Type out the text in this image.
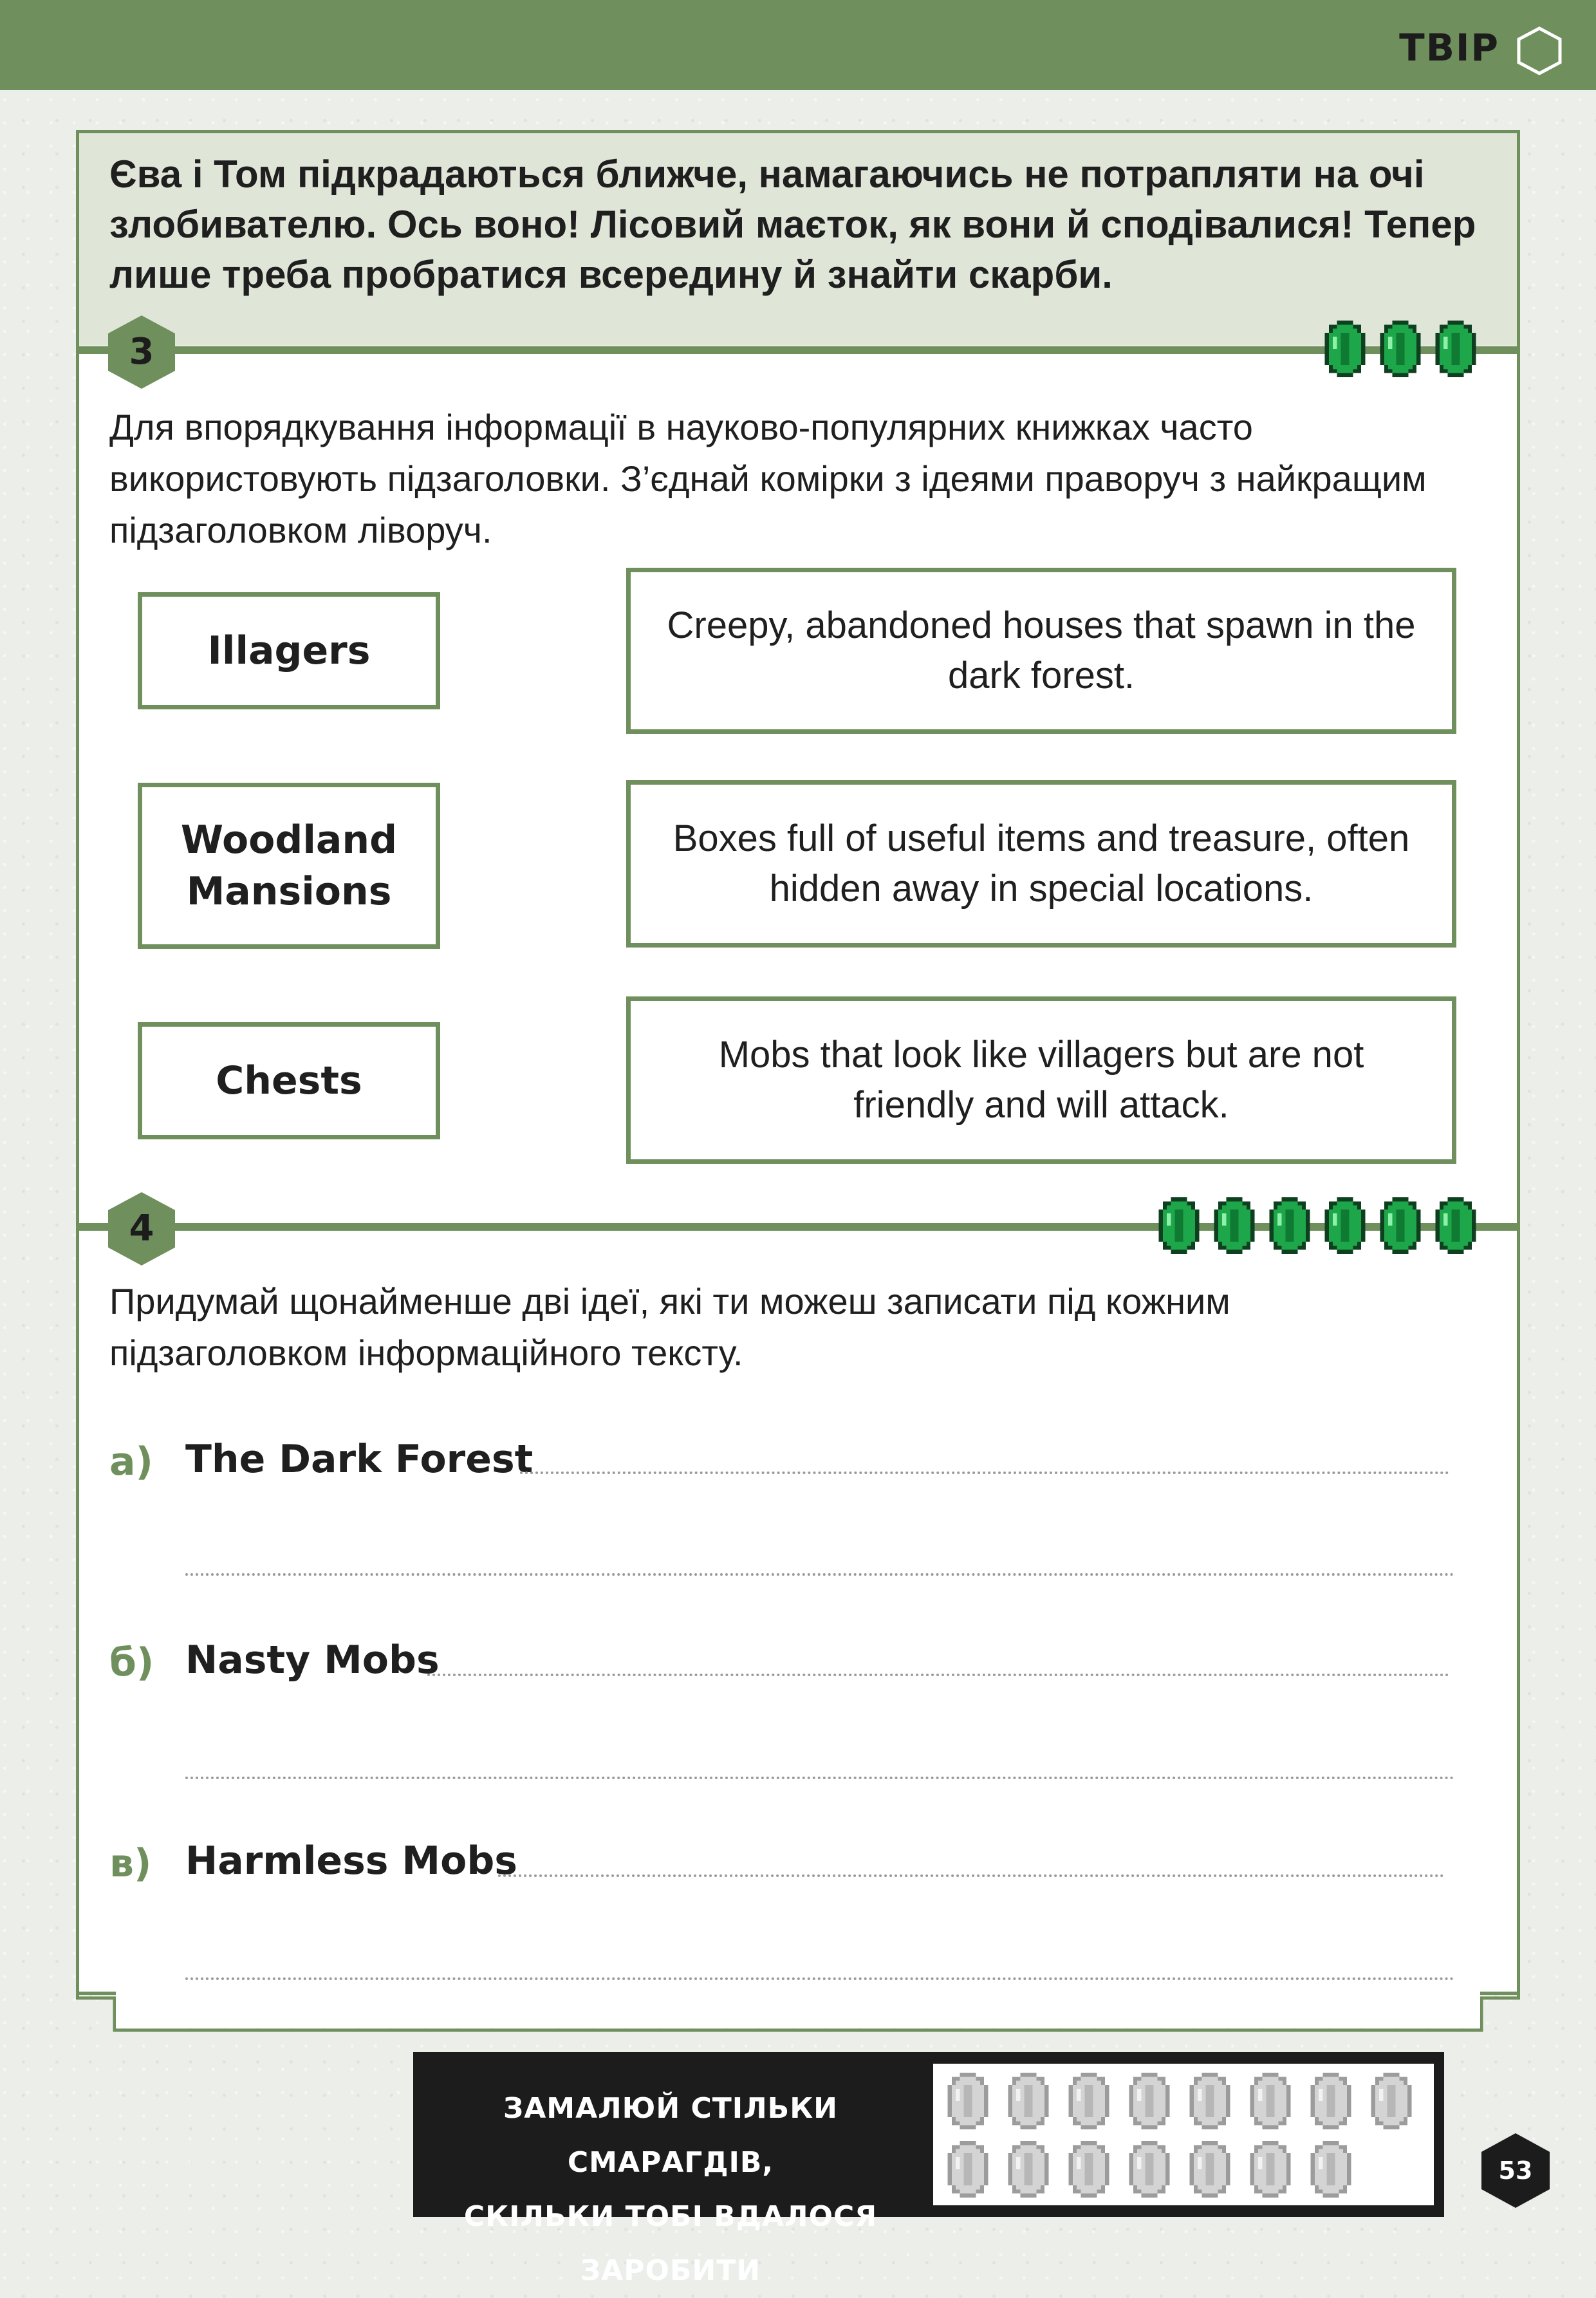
ТВІР

Єва і Том підкрадаються ближче, намагаючись не потрапляти на очі злобивателю. Ось воно! Лісовий маєток, як вони й сподівалися! Тепер лише треба пробратися всередину й знайти скарби.

3

Для впорядкування інформації в науково-популярних книжках часто використовують підзаголовки. З’єднай комірки з ідеями праворуч з найкращим підзаголовком ліворуч.

Illagers
Woodland Mansions
Chests
Creepy, abandoned houses that spawn in the dark forest.
Boxes full of useful items and treasure, often hidden away in special locations.
Mobs that look like villagers but are not friendly and will attack.
4

Придумай щонайменше дві ідеї, які ти можеш записати під кожним підзаголовком інформаційного тексту.

а) The Dark Forest
б) Nasty Mobs
в) Harmless Mobs

ЗАМАЛЮЙ СТІЛЬКИ СМАРАГДІВ,
СКІЛЬКИ ТОБІ ВДАЛОСЯ ЗАРОБИТИ

53
